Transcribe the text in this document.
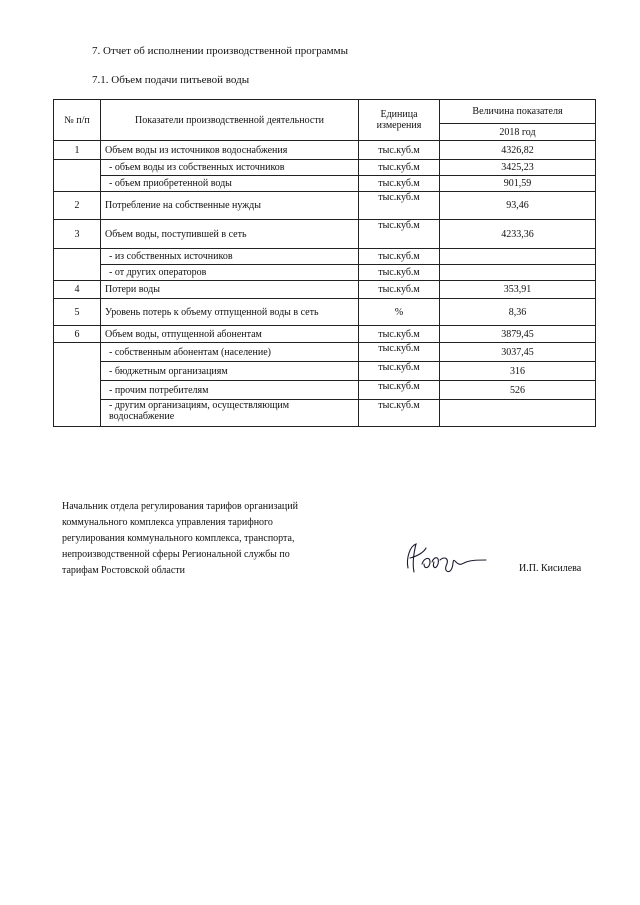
7. Отчет об исполнении производственной программы
7.1. Объем подачи питьевой воды
№ п/п	Показатели производственной деятельности	Единица измерения	Величина показателя
			2018 год
1	Объем воды из источников водоснабжения	тыс.куб.м	4326,82
	- объем воды из собственных источников	тыс.куб.м	3425,23
	- объем приобретенной воды	тыс.куб.м	901,59
2	Потребление на собственные нужды	тыс.куб.м	93,46
3	Объем воды, поступившей в сеть	тыс.куб.м	4233,36
	- из собственных источников	тыс.куб.м	
	- от других операторов	тыс.куб.м	
4	Потери воды	тыс.куб.м	353,91
5	Уровень потерь к объему отпущенной воды в сеть	%	8,36
6	Объем воды, отпущенной абонентам	тыс.куб.м	3879,45
	- собственным абонентам (население)	тыс.куб.м	3037,45
	- бюджетным организациям	тыс.куб.м	316
	- прочим потребителям	тыс.куб.м	526
	- другим организациям, осуществляющим водоснабжение	тыс.куб.м	
Начальник отдела регулирования тарифов организаций
коммунального комплекса управления тарифного
регулирования коммунального комплекса, транспорта,
непроизводственной сферы Региональной службы по
тарифам Ростовской области	И.П. Кисилева
